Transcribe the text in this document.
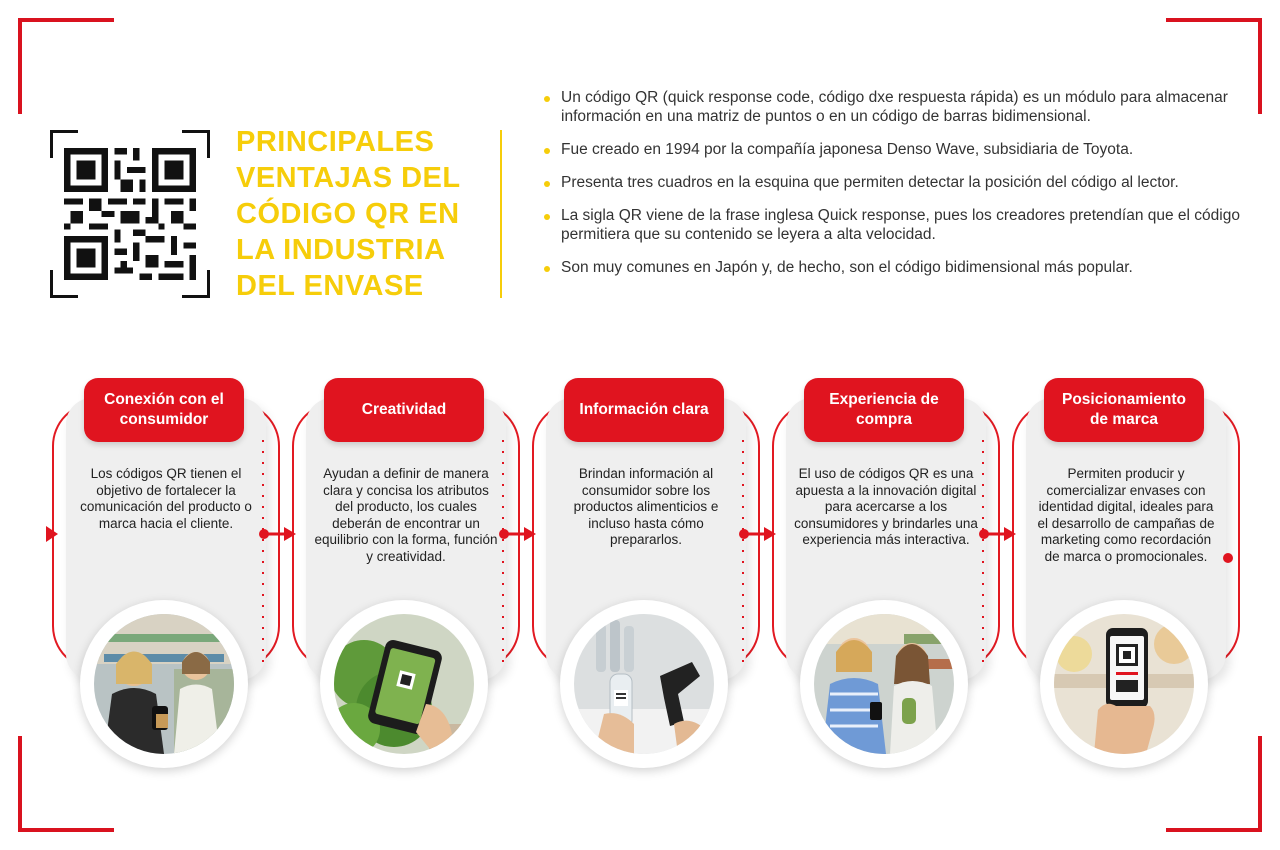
PRINCIPALES
VENTAJAS DEL
CÓDIGO QR EN
LA INDUSTRIA
DEL ENVASE
Un código QR (quick response code, código dxe respuesta rápida) es un módulo para almacenar información en una matriz de puntos o en un código de barras bidimensional.
Fue creado en 1994 por la compañía japonesa Denso Wave, subsidiaria de Toyota.
Presenta tres cuadros en la esquina que permiten detectar la posición del código al lector.
La sigla QR viene de la frase inglesa Quick response, pues los creadores pretendían que el código permitiera que su contenido se leyera a alta velocidad.
Son muy comunes en Japón y, de hecho, son el código bidimensional más popular.
Conexión con el consumidor
Los códigos QR tienen el objetivo de fortalecer la comunicación del producto o marca hacia el cliente.
Creatividad
Ayudan a definir de manera clara y concisa los atributos del producto, los cuales deberán de encontrar un equilibrio con la forma, función y creatividad.
Información clara
Brindan información al consumidor sobre los productos alimenticios e incluso hasta cómo prepararlos.
Experiencia de compra
El uso de códigos QR es una apuesta a la innovación digital para acercarse a los consumidores y brindarles una experiencia más interactiva.
Posicionamiento de marca
Permiten producir y comercializar envases con identidad digital, ideales para el desarrollo de campañas de marketing como recordación de marca o promocionales.
